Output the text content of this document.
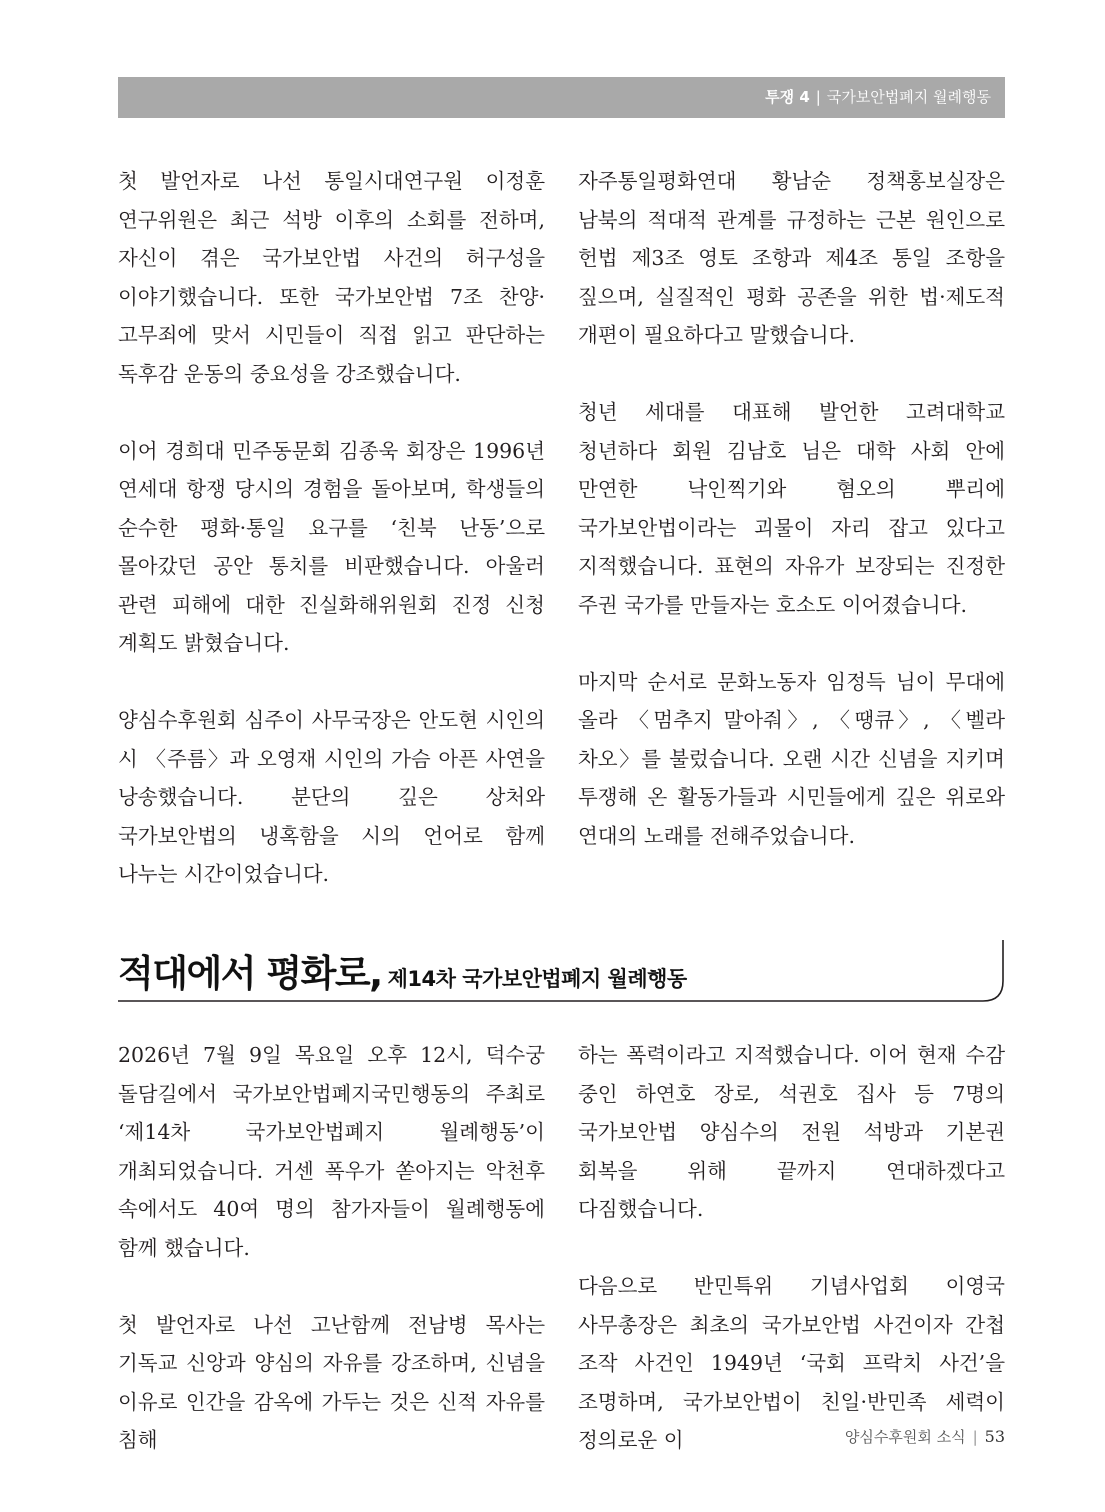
투쟁 4 | 국가보안법폐지 월례행동

첫 발언자로 나선 통일시대연구원 이정훈 연구위원은 최근 석방 이후의 소회를 전하며, 자신이 겪은 국가보안법 사건의 허구성을 이야기했습니다. 또한 국가보안법 7조 찬양·고무죄에 맞서 시민들이 직접 읽고 판단하는 독후감 운동의 중요성을 강조했습니다.

이어 경희대 민주동문회 김종욱 회장은 1996년 연세대 항쟁 당시의 경험을 돌아보며, 학생들의 순수한 평화·통일 요구를 ‘친북 난동’으로 몰아갔던 공안 통치를 비판했습니다. 아울러 관련 피해에 대한 진실화해위원회 진정 신청 계획도 밝혔습니다.

양심수후원회 심주이 사무국장은 안도현 시인의 시 〈주름〉과 오영재 시인의 가슴 아픈 사연을 낭송했습니다. 분단의 깊은 상처와 국가보안법의 냉혹함을 시의 언어로 함께 나누는 시간이었습니다.

자주통일평화연대 황남순 정책홍보실장은 남북의 적대적 관계를 규정하는 근본 원인으로 헌법 제3조 영토 조항과 제4조 통일 조항을 짚으며, 실질적인 평화 공존을 위한 법·제도적 개편이 필요하다고 말했습니다.

청년 세대를 대표해 발언한 고려대학교 청년하다 회원 김남호 님은 대학 사회 안에 만연한 낙인찍기와 혐오의 뿌리에 국가보안법이라는 괴물이 자리 잡고 있다고 지적했습니다. 표현의 자유가 보장되는 진정한 주권 국가를 만들자는 호소도 이어졌습니다.

마지막 순서로 문화노동자 임정득 님이 무대에 올라 〈멈추지 말아줘〉, 〈땡큐〉, 〈벨라 차오〉를 불렀습니다. 오랜 시간 신념을 지키며 투쟁해 온 활동가들과 시민들에게 깊은 위로와 연대의 노래를 전해주었습니다.

적대에서 평화로, 제14차 국가보안법폐지 월례행동

2026년 7월 9일 목요일 오후 12시, 덕수궁 돌담길에서 국가보안법폐지국민행동의 주최로 ‘제14차 국가보안법폐지 월례행동’이 개최되었습니다. 거센 폭우가 쏟아지는 악천후 속에서도 40여 명의 참가자들이 월례행동에 함께 했습니다.

첫 발언자로 나선 고난함께 전남병 목사는 기독교 신앙과 양심의 자유를 강조하며, 신념을 이유로 인간을 감옥에 가두는 것은 신적 자유를 침해

하는 폭력이라고 지적했습니다. 이어 현재 수감 중인 하연호 장로, 석권호 집사 등 7명의 국가보안법 양심수의 전원 석방과 기본권 회복을 위해 끝까지 연대하겠다고 다짐했습니다.

다음으로 반민특위 기념사업회 이영국 사무총장은 최초의 국가보안법 사건이자 간첩 조작 사건인 1949년 ‘국회 프락치 사건’을 조명하며, 국가보안법이 친일·반민족 세력이 정의로운 이	양심수후원회 소식 | 53
